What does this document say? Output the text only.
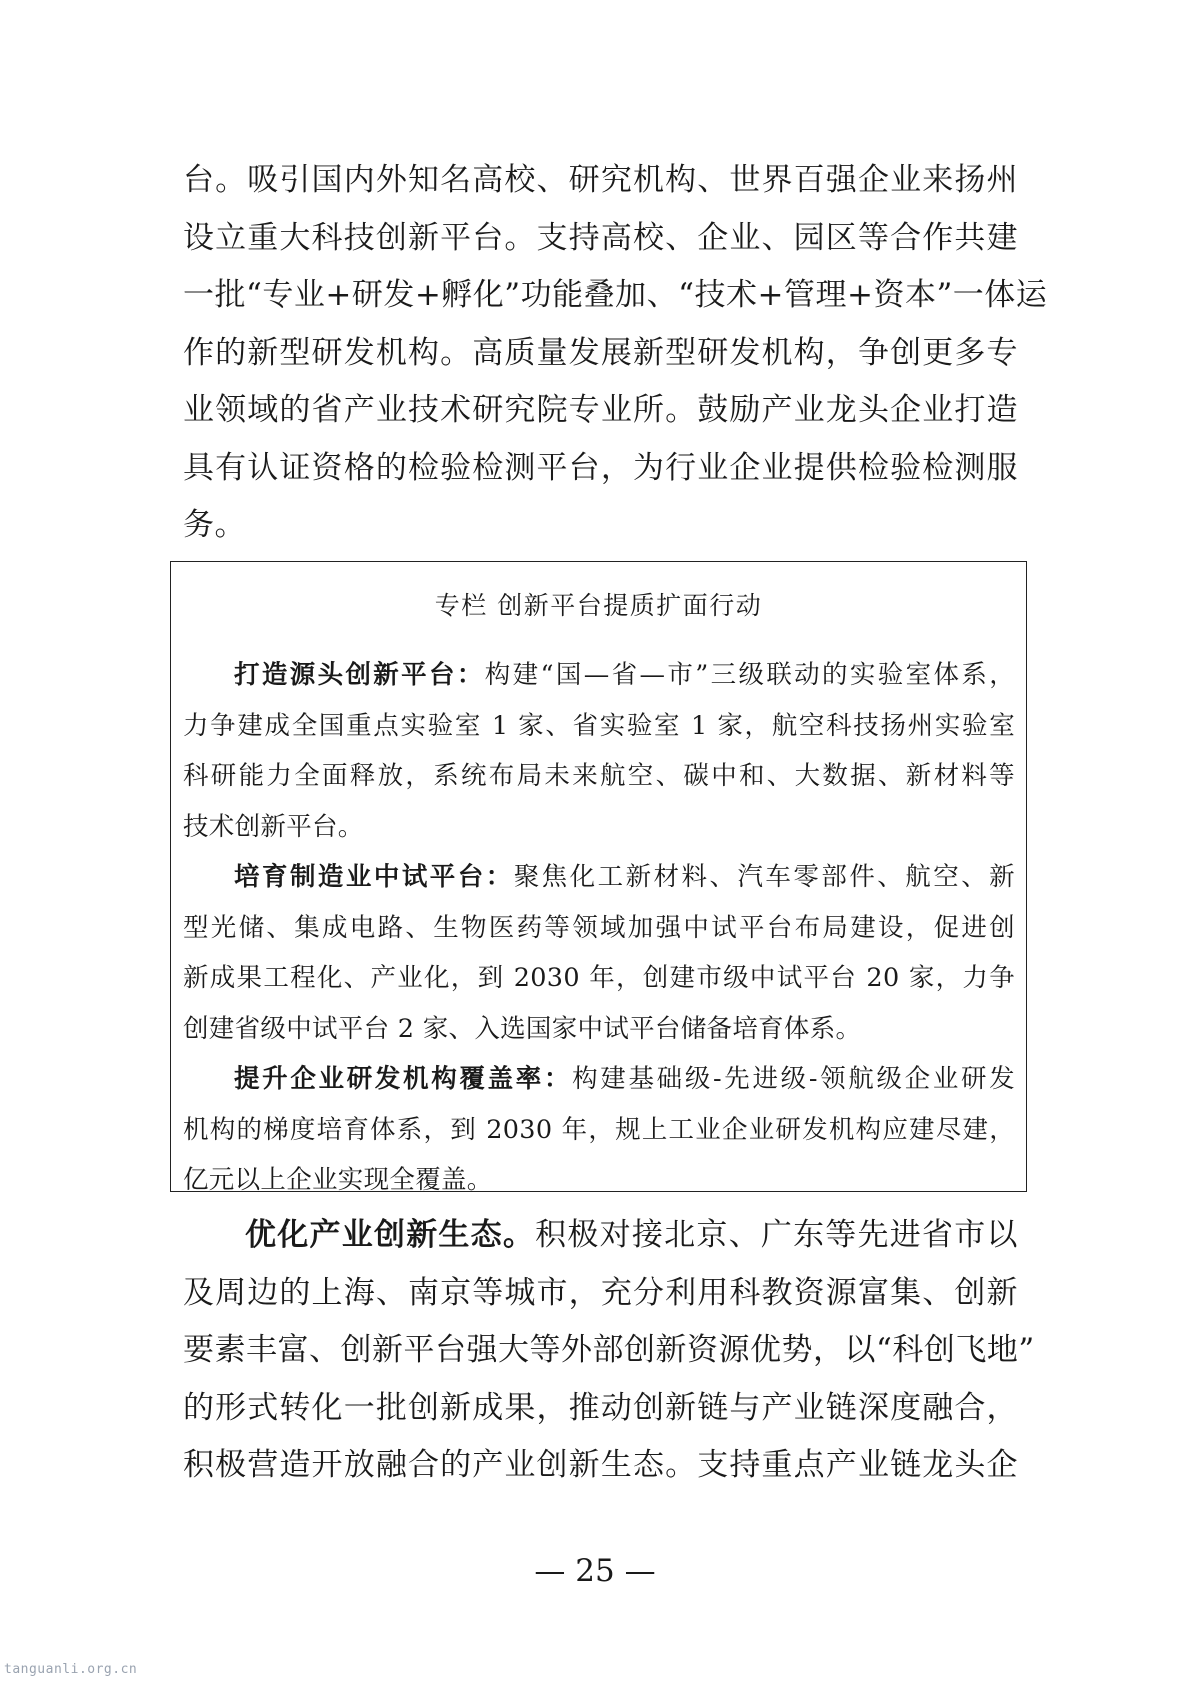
台。吸引国内外知名高校、研究机构、世界百强企业来扬州
设立重大科技创新平台。支持高校、企业、园区等合作共建
一批“专业+研发+孵化”功能叠加、“技术+管理+资本”一体运
作的新型研发机构。高质量发展新型研发机构，争创更多专
业领域的省产业技术研究院专业所。鼓励产业龙头企业打造
具有认证资格的检验检测平台，为行业企业提供检验检测服
务。
专栏 创新平台提质扩面行动
打造源头创新平台：构建“国—省—市”三级联动的实验室体系，
力争建成全国重点实验室 1 家、省实验室 1 家，航空科技扬州实验室
科研能力全面释放，系统布局未来航空、碳中和、大数据、新材料等
技术创新平台。
培育制造业中试平台：聚焦化工新材料、汽车零部件、航空、新
型光储、集成电路、生物医药等领域加强中试平台布局建设，促进创
新成果工程化、产业化，到 2030 年，创建市级中试平台 20 家，力争
创建省级中试平台 2 家、入选国家中试平台储备培育体系。
提升企业研发机构覆盖率：构建基础级-先进级-领航级企业研发
机构的梯度培育体系，到 2030 年，规上工业企业研发机构应建尽建，
亿元以上企业实现全覆盖。
优化产业创新生态。积极对接北京、广东等先进省市以
及周边的上海、南京等城市，充分利用科教资源富集、创新
要素丰富、创新平台强大等外部创新资源优势，以“科创飞地”
的形式转化一批创新成果，推动创新链与产业链深度融合，
积极营造开放融合的产业创新生态。支持重点产业链龙头企
— 25 —
tanguanli.org.cn
